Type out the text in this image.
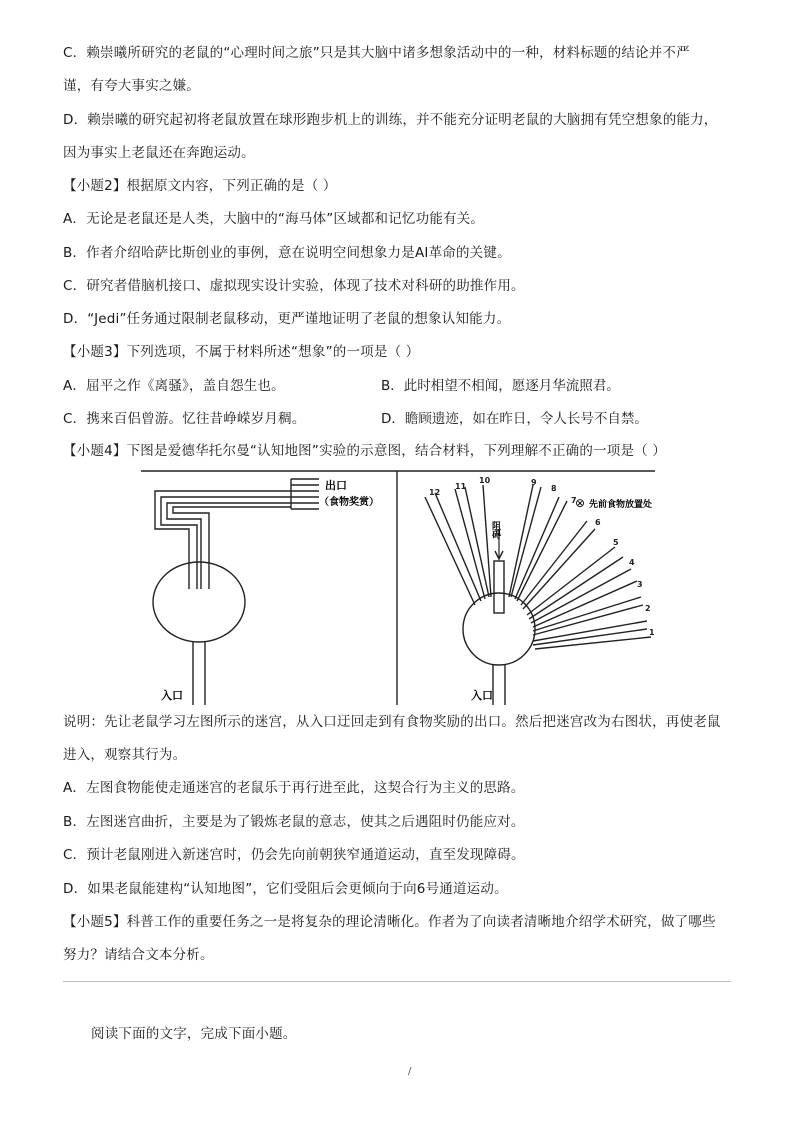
C．赖崇曦所研究的老鼠的“心理时间之旅”只是其大脑中诸多想象活动中的一种，材料标题的结论并不严
谨，有夸大事实之嫌。
D．赖崇曦的研究起初将老鼠放置在球形跑步机上的训练，并不能充分证明老鼠的大脑拥有凭空想象的能力，
因为事实上老鼠还在奔跑运动。
【小题2】根据原文内容，下列正确的是（ ）
A．无论是老鼠还是人类，大脑中的“海马体”区域都和记忆功能有关。
B．作者介绍哈萨比斯创业的事例，意在说明空间想象力是AI革命的关键。
C．研究者借脑机接口、虚拟现实设计实验，体现了技术对科研的助推作用。
D．“Jedi”任务通过限制老鼠移动，更严谨地证明了老鼠的想象认知能力。
【小题3】下列选项，不属于材料所述“想象”的一项是（ ）
A．屈平之作《离骚》，盖自怨生也。	B．此时相望不相闻，愿逐月华流照君。
C．携来百侣曾游。忆往昔峥嵘岁月稠。	D．瞻顾遗迹，如在昨日，令人长号不自禁。
【小题4】下图是爱德华托尔曼“认知地图”实验的示意图，结合材料，下列理解不正确的一项是（ ）
说明：先让老鼠学习左图所示的迷宫，从入口迂回走到有食物奖励的出口。然后把迷宫改为右图状，再使老鼠
进入，观察其行为。
A．左图食物能使走通迷宫的老鼠乐于再行进至此，这契合行为主义的思路。
B．左图迷宫曲折，主要是为了锻炼老鼠的意志，使其之后遇阻时仍能应对。
C．预计老鼠刚进入新迷宫时，仍会先向前朝狭窄通道运动，直至发现障碍。
D．如果老鼠能建构“认知地图”，它们受阻后会更倾向于向6号通道运动。
【小题5】科普工作的重要任务之一是将复杂的理论清晰化。作者为了向读者清晰地介绍学术研究，做了哪些
努力？请结合文本分析。
出口
（食物奖赏）
入口	入口
阻碍
⊗ 先前食物放置处
1
2
3
4
5
6
7
8
9
10
11
12
阅读下面的文字，完成下面小题。
/
